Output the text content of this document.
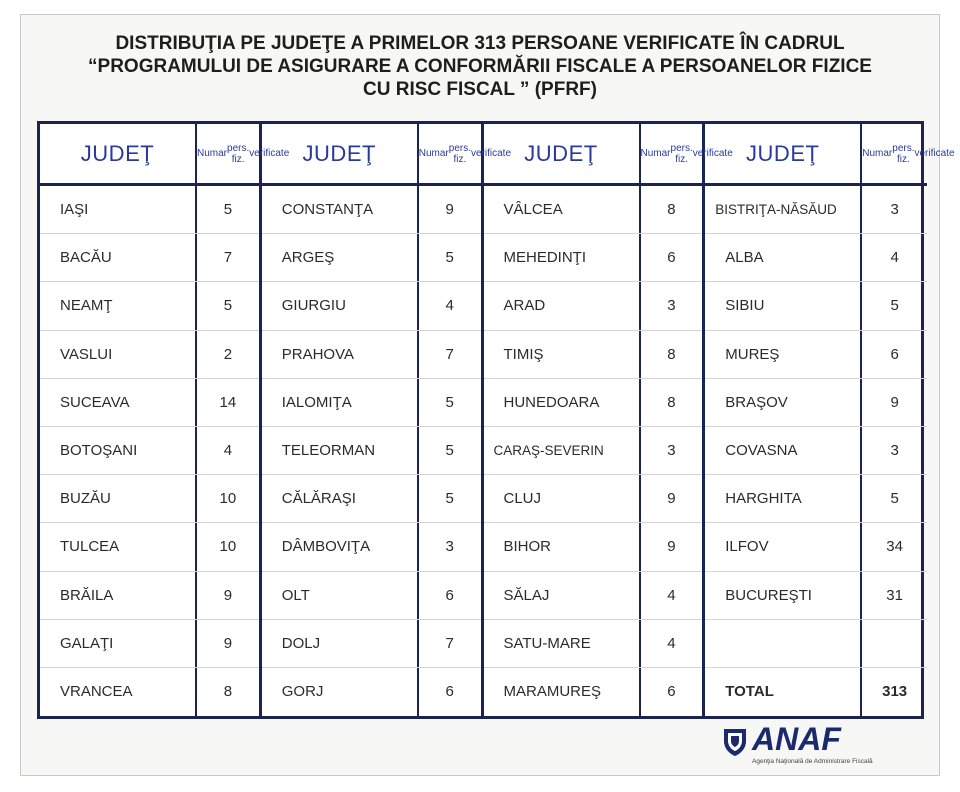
DISTRIBUŢIA PE JUDEŢE A PRIMELOR 313 PERSOANE VERIFICATE ÎN CADRUL
“PROGRAMULUI DE ASIGURARE A CONFORMĂRII FISCALE A PERSOANELOR FIZICE
CU RISC FISCAL ” (PFRF)
JUDEŢ	Numar pers. fiz. verificate
IAŞI	5
BACĂU	7
NEAMŢ	5
VASLUI	2
SUCEAVA	14
BOTOŞANI	4
BUZĂU	10
TULCEA	10
BRĂILA	9
GALAŢI	9
VRANCEA	8
JUDEŢ	Numar pers. fiz. verificate
CONSTANŢA	9
ARGEŞ	5
GIURGIU	4
PRAHOVA	7
IALOMIŢA	5
TELEORMAN	5
CĂLĂRAŞI	5
DÂMBOVIŢA	3
OLT	6
DOLJ	7
GORJ	6
JUDEŢ	Numar pers. fiz. verificate
VÂLCEA	8
MEHEDINŢI	6
ARAD	3
TIMIŞ	8
HUNEDOARA	8
CARAŞ-SEVERIN	3
CLUJ	9
BIHOR	9
SĂLAJ	4
SATU-MARE	4
MARAMUREŞ	6
JUDEŢ	Numar pers. fiz. verificate
BISTRIŢA-NĂSĂUD	3
ALBA	4
SIBIU	5
MUREŞ	6
BRAŞOV	9
COVASNA	3
HARGHITA	5
ILFOV	34
BUCUREŞTI	31
TOTAL	313
ANAF
Agenţia Naţională de Administrare Fiscală
